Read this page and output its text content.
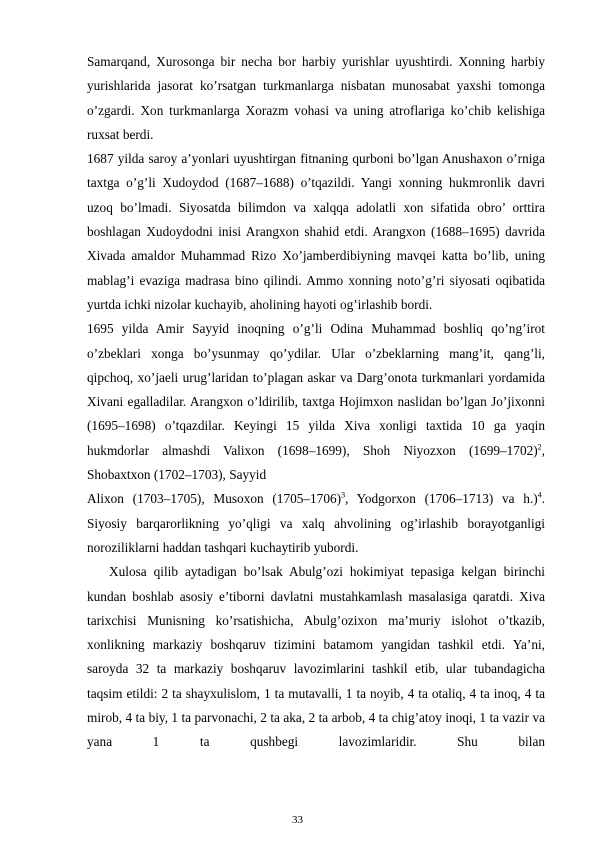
Samarqand, Xurosonga bir necha bor harbiy yurishlar uyushtirdi. Xonning harbiy yurishlarida jasorat ko’rsatgan turkmanlarga nisbatan munosabat yaxshi tomonga o’zgardi. Xon turkmanlarga Xorazm vohasi va uning atroflariga ko’chib kelishiga ruxsat berdi.

1687 yilda saroy a’yonlari uyushtirgan fitnaning qurboni bo’lgan Anushaxon o’rniga taxtga o’g’li Xudoydod (1687–1688) o’tqazildi. Yangi xonning hukmronlik davri uzoq bo’lmadi. Siyosatda bilimdon va xalqqa adolatli xon sifatida obro’ orttira boshlagan Xudoydodni inisi Arangxon shahid etdi. Arangxon (1688–1695) davrida Xivada amaldor Muhammad Rizo Xo’jamberdibiyning mavqei katta bo’lib, uning mablag’i evaziga madrasa bino qilindi. Ammo xonning noto’g’ri siyosati oqibatida yurtda ichki nizolar kuchayib, aholining hayoti og’irlashib bordi.

1695 yilda Amir Sayyid inoqning o’g’li Odina Muhammad boshliq qo’ng’irot o’zbeklari xonga bo’ysunmay qo’ydilar. Ular o’zbeklarning mang’it, qang’li, qipchoq, xo’jaeli urug’laridan to’plagan askar va Darg’onota turkmanlari yordamida Xivani egalladilar. Arangxon o’ldirilib, taxtga Hojimxon naslidan bo’lgan Jo’jixonni (1695–1698) o’tqazdilar. Keyingi 15 yilda Xiva xonligi taxtida 10 ga yaqin hukmdorlar almashdi Valixon (1698–1699), Shoh Niyozxon (1699–1702)$^2$, Shobaxtxon (1702–1703), Sayyid

Alixon (1703–1705), Musoxon (1705–1706)$^3$, Yodgorxon (1706–1713) va h.)$^4$. Siyosiy barqarorlikning yo’qligi va xalq ahvolining og’irlashib borayotganligi noroziliklarni haddan tashqari kuchaytirib yubordi.

Xulosa qilib aytadigan bo’lsak Abulg’ozi hokimiyat tepasiga kelgan birinchi kundan boshlab asosiy e’tiborni davlatni mustahkamlash masalasiga qaratdi. Xiva tarixchisi Munisning ko’rsatishicha, Abulg’ozixon ma’muriy islohot o’tkazib, xonlikning markaziy boshqaruv tizimini batamom yangidan tashkil etdi. Ya’ni, saroyda 32 ta markaziy boshqaruv lavozimlarini tashkil etib, ular tubandagicha taqsim etildi: 2 ta shayxulislom, 1 ta mutavalli, 1 ta noyib, 4 ta otaliq, 4 ta inoq, 4 ta mirob, 4 ta biy, 1 ta parvonachi, 2 ta aka, 2 ta arbob, 4 ta chig’atoy inoqi, 1 ta vazir va yana 1 ta qushbegi lavozimlaridir. Shu bilan

33
